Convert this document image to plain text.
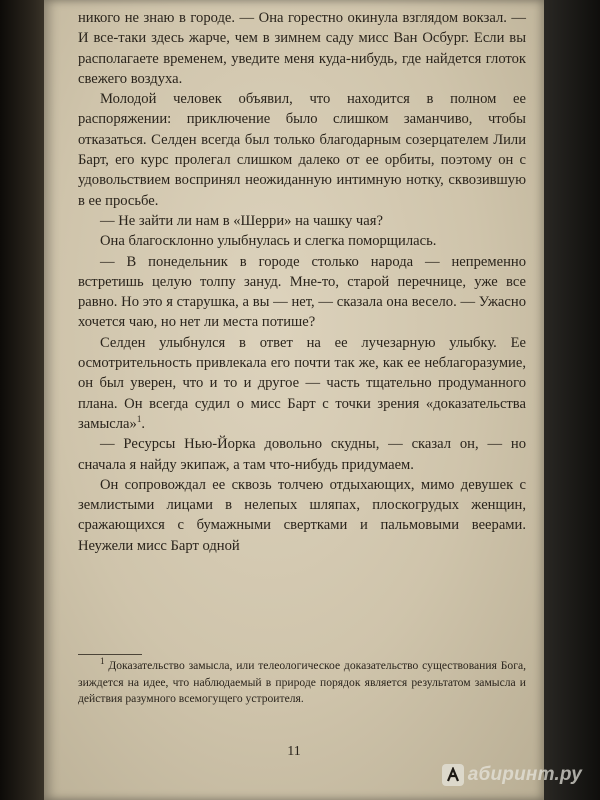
никого не знаю в городе. — Она горестно окинула взглядом вокзал. — И все-таки здесь жарче, чем в зимнем саду мисс Ван Осбург. Если вы располагаете временем, уведите меня куда-нибудь, где найдется глоток свежего воздуха.

Молодой человек объявил, что находится в полном ее распоряжении: приключение было слишком заманчиво, чтобы отказаться. Селден всегда был только благодарным созерцателем Лили Барт, его курс пролегал слишком далеко от ее орбиты, поэтому он с удовольствием воспринял неожиданную интимную нотку, сквозившую в ее просьбе.

— Не зайти ли нам в «Шерри» на чашку чая?

Она благосклонно улыбнулась и слегка поморщилась.

— В понедельник в городе столько народа — непременно встретишь целую толпу зануд. Мне-то, старой перечнице, уже все равно. Но это я старушка, а вы — нет, — сказала она весело. — Ужасно хочется чаю, но нет ли места потише?

Селден улыбнулся в ответ на ее лучезарную улыбку. Ее осмотрительность привлекала его почти так же, как ее неблагоразумие, он был уверен, что и то и другое — часть тщательно продуманного плана. Он всегда судил о мисс Барт с точки зрения «доказательства замысла»$^1$.

— Ресурсы Нью-Йорка довольно скудны, — сказал он, — но сначала я найду экипаж, а там что-нибудь придумаем.

Он сопровождал ее сквозь толчею отдыхающих, мимо девушек с землистыми лицами в нелепых шляпах, плоскогрудых женщин, сражающихся с бумажными свертками и пальмовыми веерами. Неужели мисс Барт одной

$^1$ Доказательство замысла, или телеологическое доказательство существования Бога, зиждется на идее, что наблюдаемый в природе порядок является результатом замысла и действия разумного всемогущего устроителя.
11
абиринт.ру
